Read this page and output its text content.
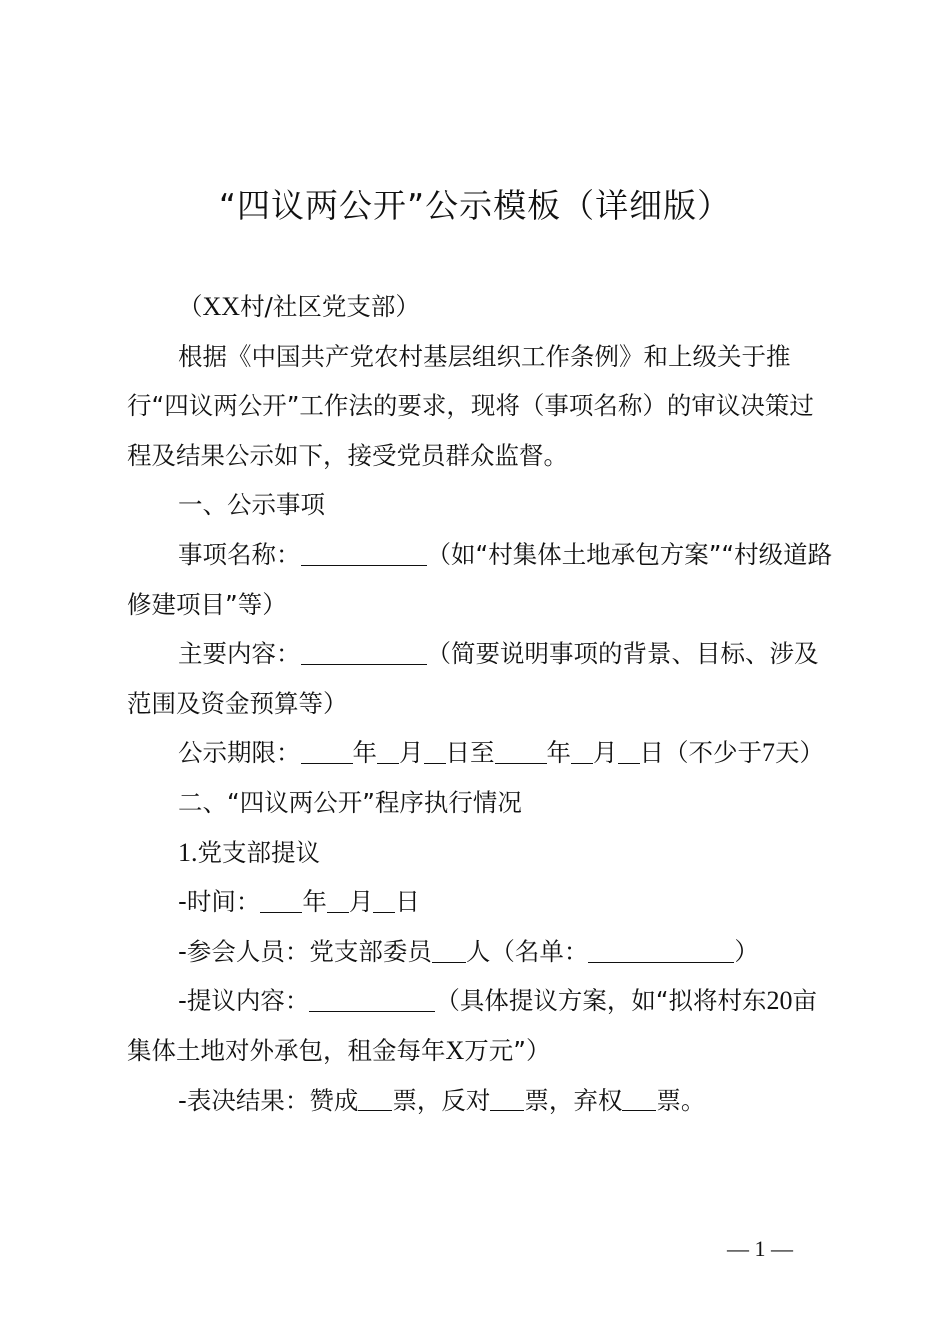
“四议两公开”公示模板（详细版）

（XX村/社区党支部）

根据《中国共产党农村基层组织工作条例》和上级关于推行“四议两公开”工作法的要求，现将（事项名称）的审议决策过程及结果公示如下，接受党员群众监督。

一、公示事项

事项名称：	（如“村集体土地承包方案”“村级道路修建项目”等）

主要内容：	（简要说明事项的背景、目标、涉及范围及资金预算等）

公示期限： 年 月 日至 年 月 日（不少于7天）

二、“四议两公开”程序执行情况

1.党支部提议

-时间： 年 月 日

-参会人员：党支部委员 人（名单：	）

-提议内容：	（具体提议方案，如“拟将村东20亩集体土地对外承包，租金每年X万元”）

-表决结果：赞成 票，反对 票，弃权 票。

— 1 —
